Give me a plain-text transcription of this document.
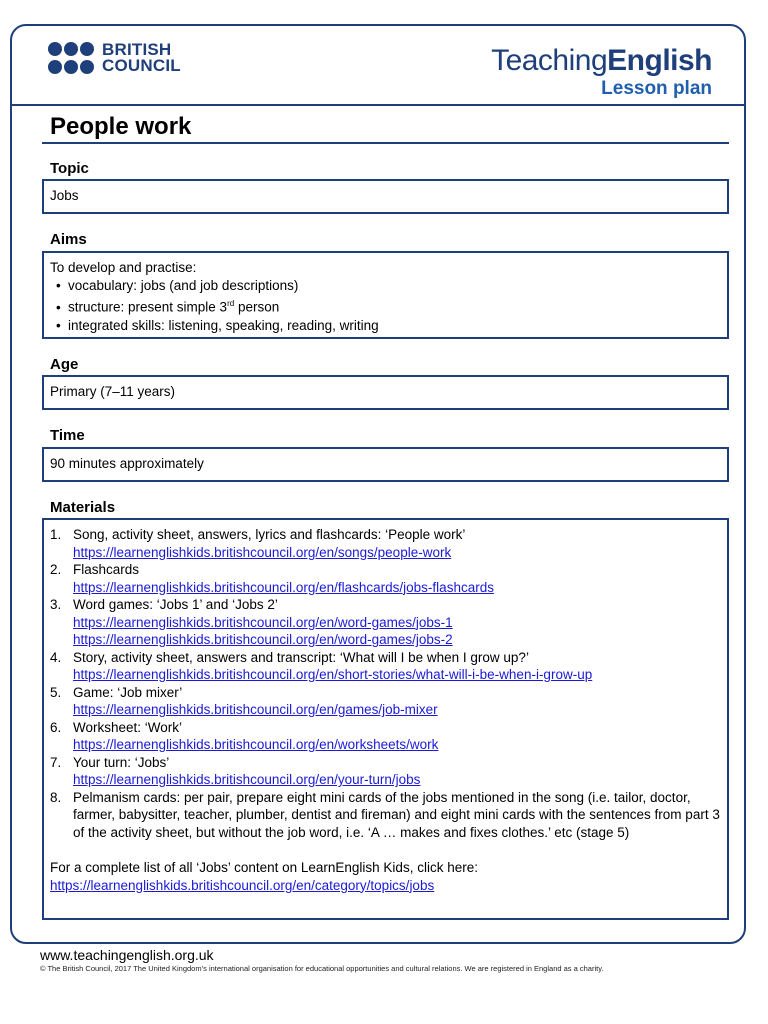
BRITISH
COUNCIL	TeachingEnglish
Lesson plan
People work
Topic
Jobs
Aims
To develop and practise:
• vocabulary: jobs (and job descriptions)
• structure: present simple 3rd person
• integrated skills: listening, speaking, reading, writing
Age
Primary (7–11 years)
Time
90 minutes approximately
Materials
1. Song, activity sheet, answers, lyrics and flashcards: ‘People work’
https://learnenglishkids.britishcouncil.org/en/songs/people-work
2. Flashcards
https://learnenglishkids.britishcouncil.org/en/flashcards/jobs-flashcards
3. Word games: ‘Jobs 1’ and ‘Jobs 2’
https://learnenglishkids.britishcouncil.org/en/word-games/jobs-1
https://learnenglishkids.britishcouncil.org/en/word-games/jobs-2
4. Story, activity sheet, answers and transcript: ‘What will I be when I grow up?’
https://learnenglishkids.britishcouncil.org/en/short-stories/what-will-i-be-when-i-grow-up
5. Game: ‘Job mixer’
https://learnenglishkids.britishcouncil.org/en/games/job-mixer
6. Worksheet: ‘Work’
https://learnenglishkids.britishcouncil.org/en/worksheets/work
7. Your turn: ‘Jobs’
https://learnenglishkids.britishcouncil.org/en/your-turn/jobs
8. Pelmanism cards: per pair, prepare eight mini cards of the jobs mentioned in the song (i.e. tailor, doctor, farmer, babysitter, teacher, plumber, dentist and fireman) and eight mini cards with the sentences from part 3 of the activity sheet, but without the job word, i.e. ‘A … makes and fixes clothes.’ etc (stage 5)
For a complete list of all ‘Jobs’ content on LearnEnglish Kids, click here:
https://learnenglishkids.britishcouncil.org/en/category/topics/jobs
www.teachingenglish.org.uk
© The British Council, 2017 The United Kingdom’s international organisation for educational opportunities and cultural relations. We are registered in England as a charity.
